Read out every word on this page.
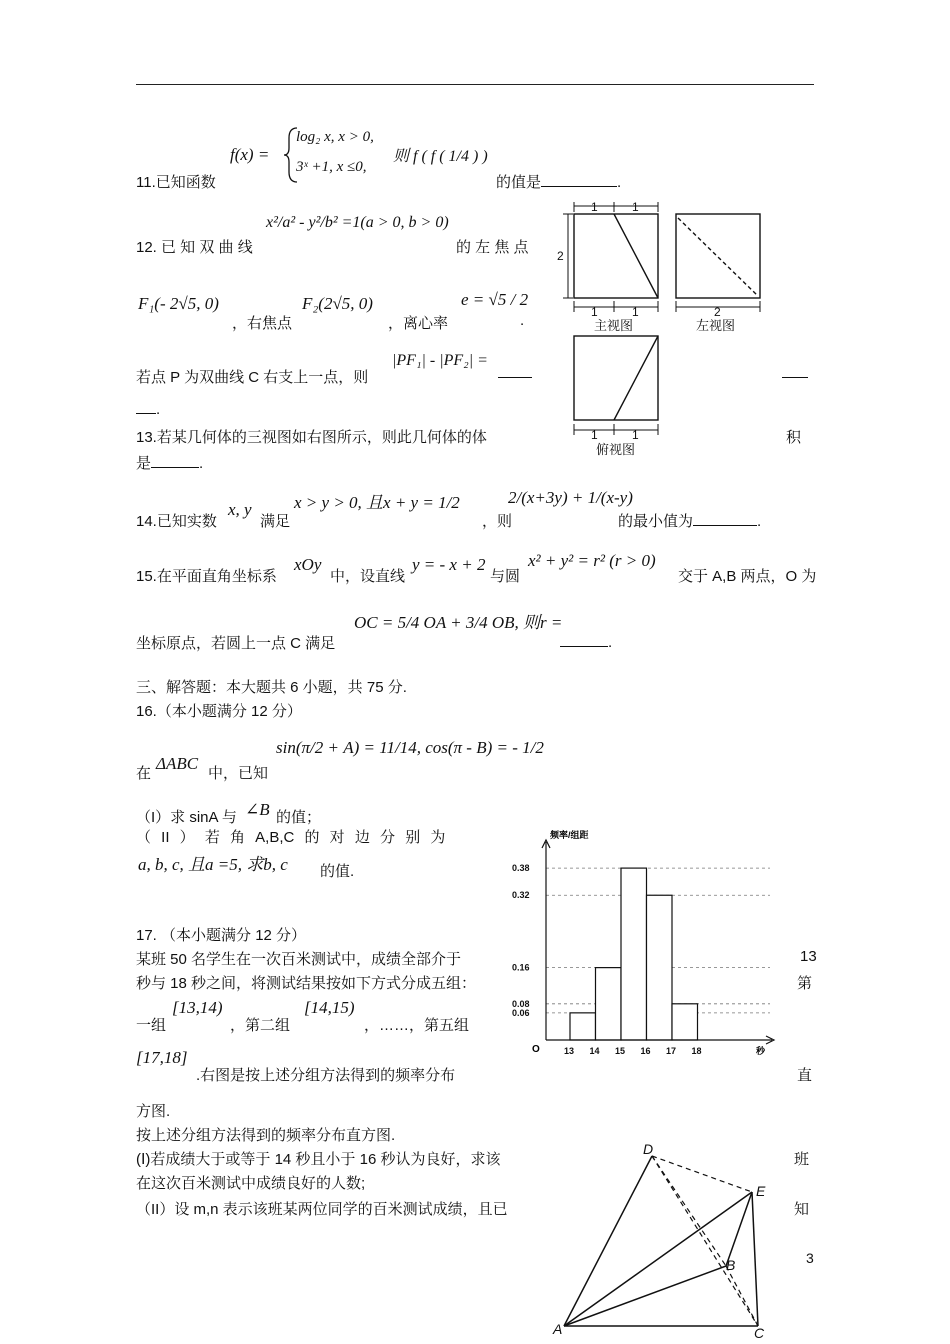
f(x) =
log₂ x, x > 0,
3ˣ +1, x ≤0,
则 f ( f ( 1/4 ) )
11.已知函数	的值是	.
12. 已 知 双 曲 线
x²/a² - y²/b² =1(a > 0, b > 0)
的 左 焦 点
F₁(- 2√5, 0)
，右焦点
F₂(2√5, 0)
，离心率
e = √5 / 2
.
若点 P 为双曲线 C 右支上一点，则
|PF₁| - |PF₂| =
.
13.若某几何体的三视图如右图所示，则此几何体的体	积
是	.
14.已知实数
x, y
满足
x > y > 0, 且x + y = 1/2
，则
2/(x+3y) + 1/(x-y)
的最小值为	.
15.在平面直角坐标系
xOy
中，设直线
y = - x + 2
与圆
x² + y² = r² (r > 0)
交于 A,B 两点，O 为
坐标原点，若圆上一点 C 满足
OC = 5/4 OA + 3/4 OB, 则r =
.
三、解答题：本大题共 6 小题，共 75 分.
16.（本小题满分 12 分）
在
ΔABC
中，已知
sin(π/2 + A) = 11/14, cos(π - B) = - 1/2
（I）求 sinA 与 ∠B 的值；
（ II ） 若 角 A,B,C 的 对 边 分 别 为
a, b, c, 且a =5, 求b, c 的值.
17. （本小题满分 12 分）
某班 50 名学生在一次百米测试中，成绩全部介于	13
秒与 18 秒之间，将测试结果按如下方式分成五组：	第
一组
[13,14)
，第二组
[14,15)
，……，第五组
[17,18]
.右图是按上述分组方法得到的频率分布	直
方图.
按上述分组方法得到的频率分布直方图.
(Ⅰ)若成绩大于或等于 14 秒且小于 16 秒认为良好，求该	班
在这次百米测试中成绩良好的人数;
（II）设 m,n 表示该班某两位同学的百米测试成绩，且已	知
3
1	1
1	1
2
2
1	1
主视图	左视图
俯视图
0.06
0.08
0.16
0.32
0.38
13 14 15 16 17 18
频率/组距
秒
O
D
E
B
A	C
